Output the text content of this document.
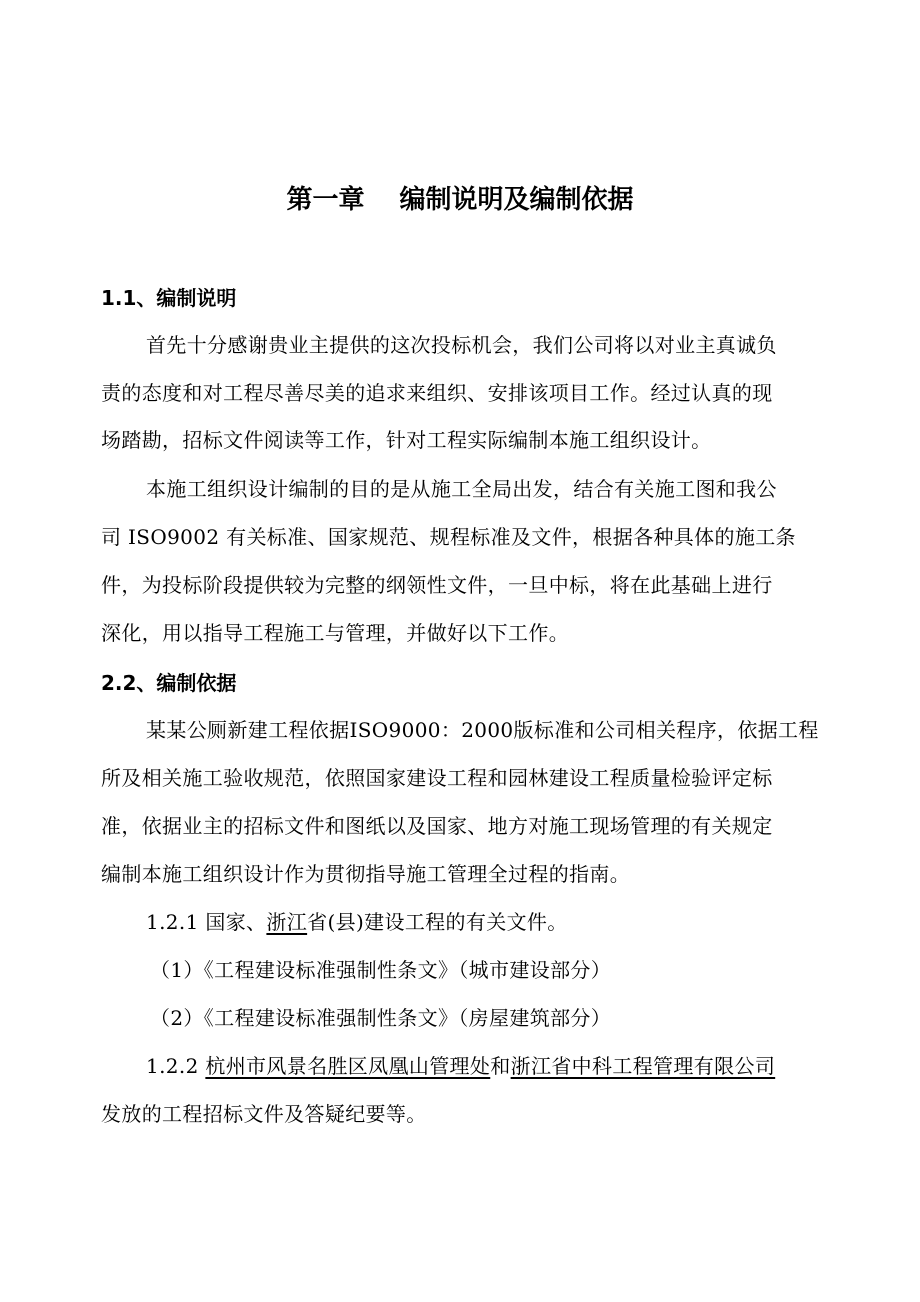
第一章　 编制说明及编制依据
1.1、编制说明
首先十分感谢贵业主提供的这次投标机会，我们公司将以对业主真诚负
责的态度和对工程尽善尽美的追求来组织、安排该项目工作。经过认真的现
场踏勘，招标文件阅读等工作，针对工程实际编制本施工组织设计。
本施工组织设计编制的目的是从施工全局出发，结合有关施工图和我公
司 ISO9002 有关标准、国家规范、规程标准及文件，根据各种具体的施工条
件，为投标阶段提供较为完整的纲领性文件，一旦中标，将在此基础上进行
深化，用以指导工程施工与管理，并做好以下工作。
2.2、编制依据
某某公厕新建工程依据ISO9000：2000版标准和公司相关程序，依据工程
所及相关施工验收规范，依照国家建设工程和园林建设工程质量检验评定标
准，依据业主的招标文件和图纸以及国家、地方对施工现场管理的有关规定
编制本施工组织设计作为贯彻指导施工管理全过程的指南。
1.2.1 国家、浙江省(县)建设工程的有关文件。
（1）《工程建设标准强制性条文》（城市建设部分）
（2）《工程建设标准强制性条文》（房屋建筑部分）
1.2.2 杭州市风景名胜区凤凰山管理处和浙江省中科工程管理有限公司
发放的工程招标文件及答疑纪要等。
